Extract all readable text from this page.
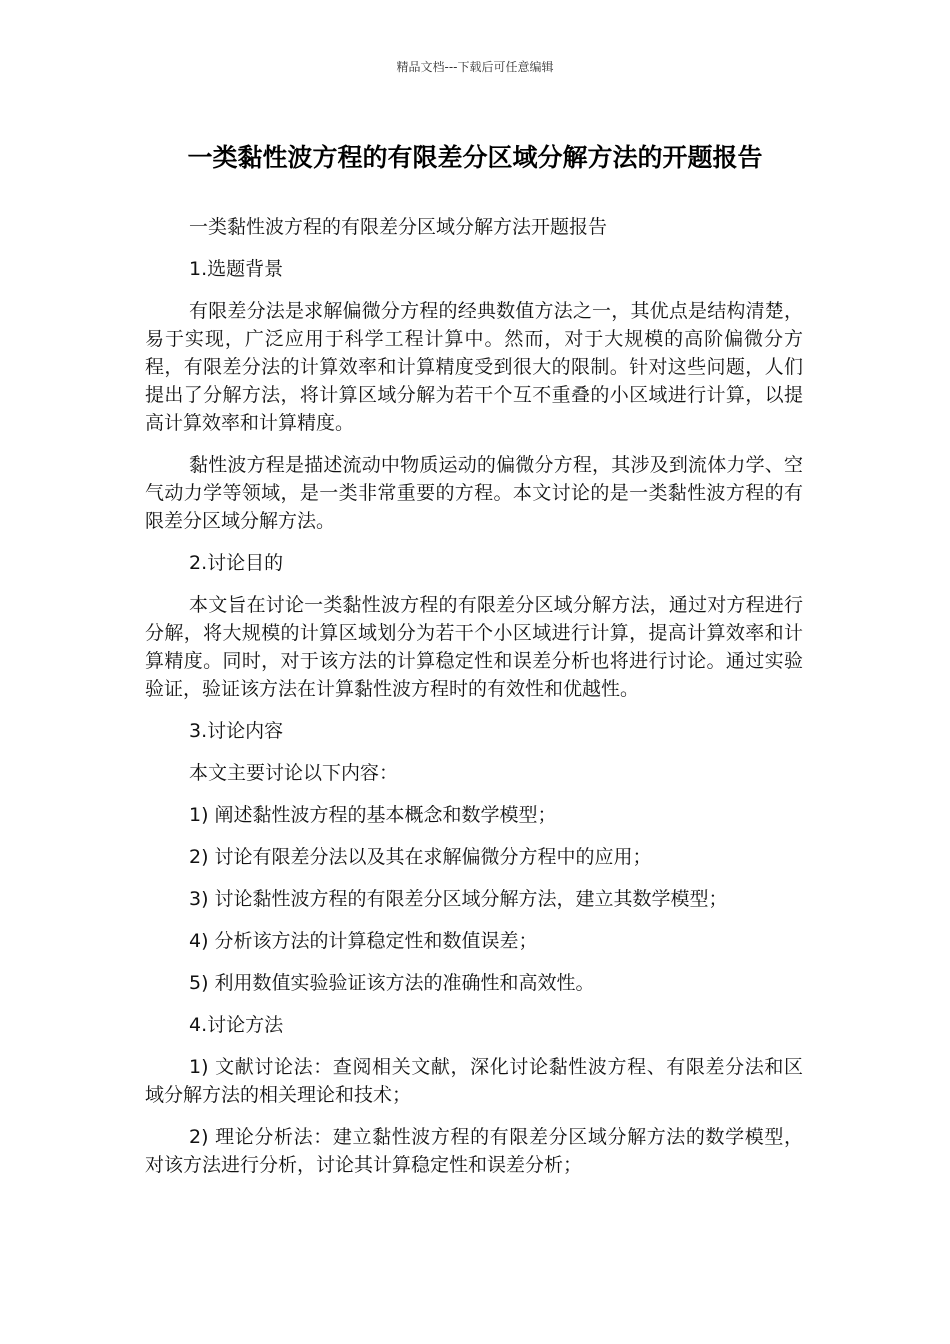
精品文档---下载后可任意编辑
一类黏性波方程的有限差分区域分解方法的开题报告

一类黏性波方程的有限差分区域分解方法开题报告

1.选题背景

有限差分法是求解偏微分方程的经典数值方法之一，其优点是结构清楚，易于实现，广泛应用于科学工程计算中。然而，对于大规模的高阶偏微分方程，有限差分法的计算效率和计算精度受到很大的限制。针对这些问题，人们提出了分解方法，将计算区域分解为若干个互不重叠的小区域进行计算，以提高计算效率和计算精度。

黏性波方程是描述流动中物质运动的偏微分方程，其涉及到流体力学、空气动力学等领域，是一类非常重要的方程。本文讨论的是一类黏性波方程的有限差分区域分解方法。

2.讨论目的

本文旨在讨论一类黏性波方程的有限差分区域分解方法，通过对方程进行分解，将大规模的计算区域划分为若干个小区域进行计算，提高计算效率和计算精度。同时，对于该方法的计算稳定性和误差分析也将进行讨论。通过实验验证，验证该方法在计算黏性波方程时的有效性和优越性。

3.讨论内容

本文主要讨论以下内容：

1) 阐述黏性波方程的基本概念和数学模型；

2) 讨论有限差分法以及其在求解偏微分方程中的应用；

3) 讨论黏性波方程的有限差分区域分解方法，建立其数学模型；

4) 分析该方法的计算稳定性和数值误差；

5) 利用数值实验验证该方法的准确性和高效性。

4.讨论方法

1) 文献讨论法：查阅相关文献，深化讨论黏性波方程、有限差分法和区域分解方法的相关理论和技术；

2) 理论分析法：建立黏性波方程的有限差分区域分解方法的数学模型，对该方法进行分析，讨论其计算稳定性和误差分析；
